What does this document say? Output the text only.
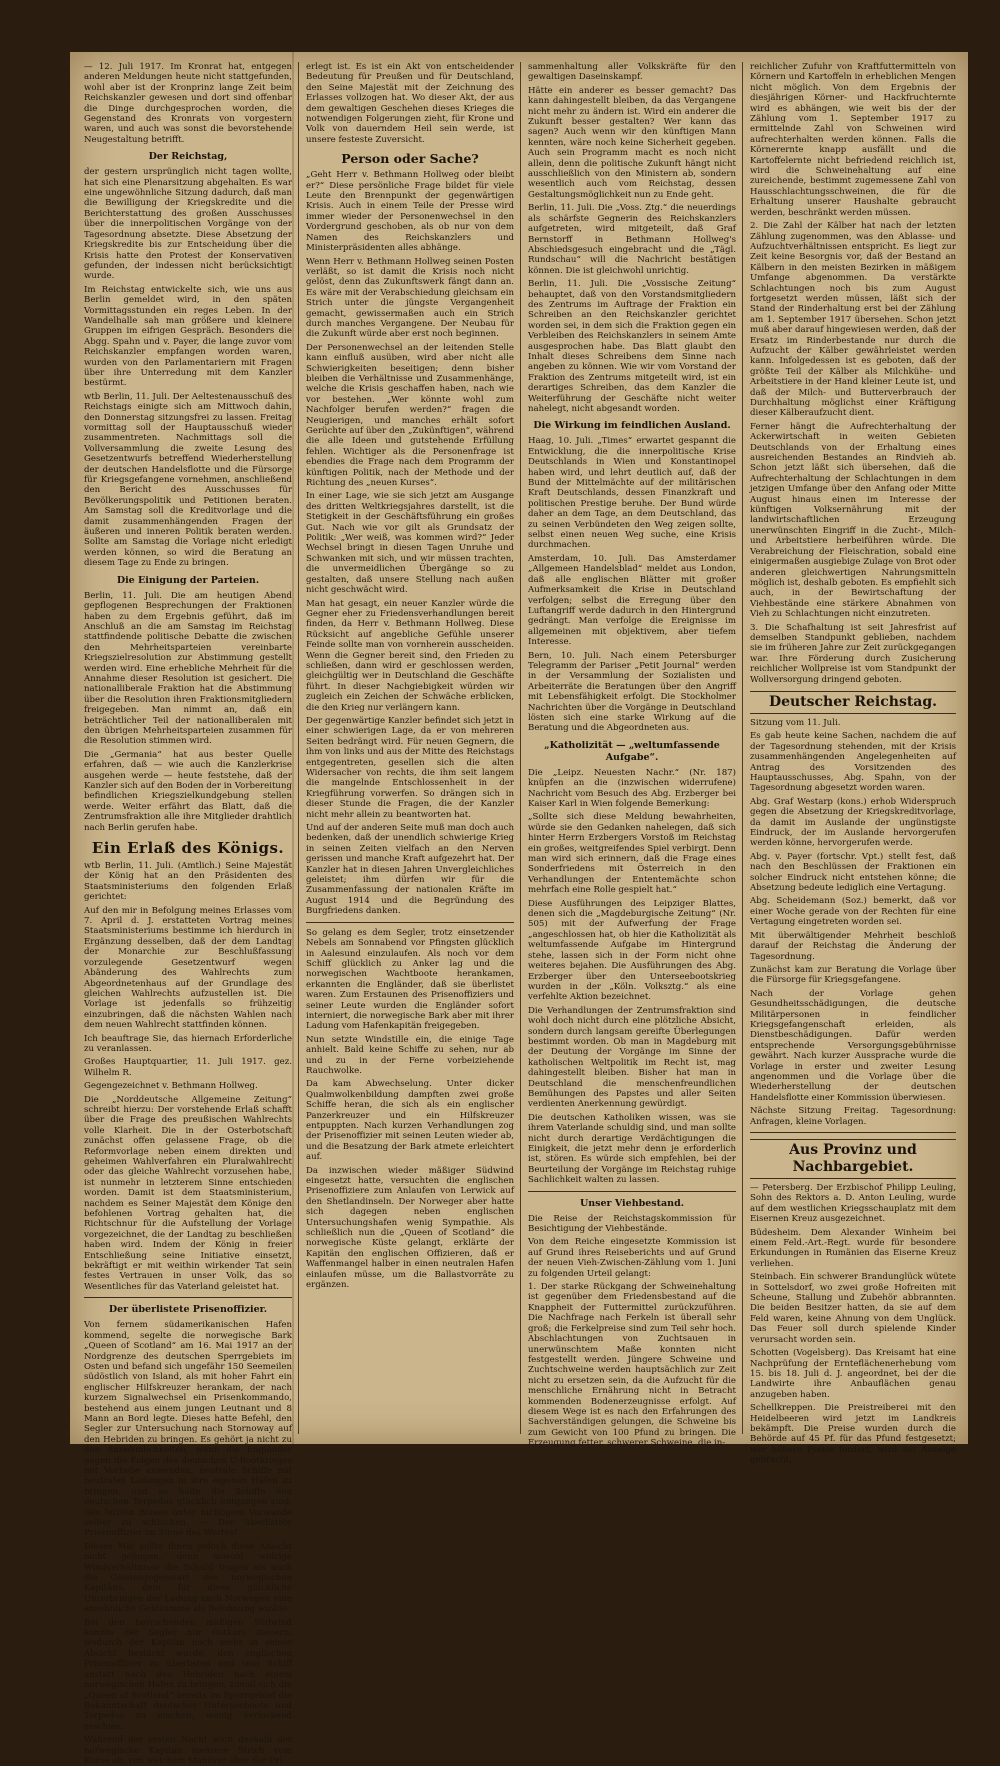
— 12. Juli 1917. Im Kronrat hat, entgegen anderen Meldungen heute nicht stattgefunden, wohl aber ist der Kronprinz lange Zeit beim Reichskanzler gewesen und dort sind offenbar die Dinge durchgesprochen worden, die Gegenstand des Kronrats von vorgestern waren, und auch was sonst die bevorstehende Neugestaltung betrifft.

Der Reichstag,

der gestern ursprünglich nicht tagen wollte, hat sich eine Plenarsitzung abgehalten. Es war eine ungewöhnliche Sitzung dadurch, daß man die Bewilligung der Kriegskredite und die Berichterstattung des großen Ausschusses über die innerpolitischen Vorgänge von der Tagesordnung absetzte. Diese Absetzung der Kriegskredite bis zur Entscheidung über die Krisis hatte den Protest der Konservativen gefunden, der indessen nicht berücksichtigt wurde.

Im Reichstag entwickelte sich, wie uns aus Berlin gemeldet wird, in den späten Vormittagsstunden ein reges Leben. In der Wandelhalle sah man größere und kleinere Gruppen im eifrigen Gespräch. Besonders die Abgg. Spahn und v. Payer, die lange zuvor vom Reichskanzler empfangen worden waren, wurden von den Parlamentariern mit Fragen über ihre Unterredung mit dem Kanzler bestürmt.

wtb Berlin, 11. Juli. Der Aeltestenausschuß des Reichstags einigte sich am Mittwoch dahin, den Donnerstag sitzungsfrei zu lassen. Freitag vormittag soll der Hauptausschuß wieder zusammentreten. Nachmittags soll die Vollversammlung die zweite Lesung des Gesetzentwurfs betreffend Wiederherstellung der deutschen Handelsflotte und die Fürsorge für Kriegsgefangene vornehmen, anschließend den Bericht des Ausschusses für Bevölkerungspolitik und Petitionen beraten. Am Samstag soll die Kreditvorlage und die damit zusammenhängenden Fragen der äußeren und inneren Politik beraten werden. Sollte am Samstag die Vorlage nicht erledigt werden können, so wird die Beratung an diesem Tage zu Ende zu bringen.

Die Einigung der Parteien.

Berlin, 11. Juli. Die am heutigen Abend gepflogenen Besprechungen der Fraktionen haben zu dem Ergebnis geführt, daß im Anschluß an die am Samstag im Reichstag stattfindende politische Debatte die zwischen den Mehrheitsparteien vereinbarte Kriegszielresolution zur Abstimmung gestellt werden wird. Eine erhebliche Mehrheit für die Annahme dieser Resolution ist gesichert. Die nationalliberale Fraktion hat die Abstimmung über die Resolution ihren Fraktionsmitgliedern freigegeben. Man nimmt an, daß ein beträchtlicher Teil der nationalliberalen mit den übrigen Mehrheitsparteien zusammen für die Resolution stimmen wird.

Die „Germania“ hat aus bester Quelle erfahren, daß — wie auch die Kanzlerkrise ausgehen werde — heute feststehe, daß der Kanzler sich auf den Boden der in Vorbereitung befindlichen Kriegszielkundgebung stellen werde. Weiter erfährt das Blatt, daß die Zentrumsfraktion alle ihre Mitglieder drahtlich nach Berlin gerufen habe.

Ein Erlaß des Königs.

wtb Berlin, 11. Juli. (Amtlich.) Seine Majestät der König hat an den Präsidenten des Staatsministeriums den folgenden Erlaß gerichtet:

Auf den mir in Befolgung meines Erlasses vom 7. April d. J. erstatteten Vortrag meines Staatsministeriums bestimme ich hierdurch in Ergänzung desselben, daß der dem Landtag der Monarchie zur Beschlußfassung vorzulegende Gesetzentwurf wegen Abänderung des Wahlrechts zum Abgeordnetenhaus auf der Grundlage des gleichen Wahlrechts aufzustellen ist. Die Vorlage ist jedenfalls so frühzeitig einzubringen, daß die nächsten Wahlen nach dem neuen Wahlrecht stattfinden können.

Ich beauftrage Sie, das hiernach Erforderliche zu veranlassen.

Großes Hauptquartier, 11. Juli 1917. gez. Wilhelm R.

Gegengezeichnet v. Bethmann Hollweg.

Die „Norddeutsche Allgemeine Zeitung“ schreibt hierzu: Der vorstehende Erlaß schafft über die Frage des preußischen Wahlrechts volle Klarheit. Die in der Osterbotschaft zunächst offen gelassene Frage, ob die Reformvorlage neben einem direkten und geheimen Wahlverfahren ein Pluralwahlrecht oder das gleiche Wahlrecht vorzusehen habe, ist nunmehr in letzterem Sinne entschieden worden. Damit ist dem Staatsministerium, nachdem es Seiner Majestät dem Könige den befohlenen Vortrag gehalten hat, die Richtschnur für die Aufstellung der Vorlage vorgezeichnet, die der Landtag zu beschließen haben wird. Indem der König in freier Entschließung seine Initiative einsetzt, bekräftigt er mit weithin wirkender Tat sein festes Vertrauen in unser Volk, das so Wesentliches für das Vaterland geleistet hat.

Der überlistete Prisenoffizier.

Von fernem südamerikanischen Hafen kommend, segelte die norwegische Bark „Queen of Scotland“ am 16. Mai 1917 an der Nordgrenze des deutschen Sperrgebiets im Osten und befand sich ungefähr 150 Seemeilen südöstlich von Island, als mit hoher Fahrt ein englischer Hilfskreuzer herankam, der nach kurzem Signalwechsel ein Prisenkommando, bestehend aus einem jungen Leutnant und 8 Mann an Bord legte. Dieses hatte Befehl, den Segler zur Untersuchung nach Stornoway auf den Hebriden zu bringen. Es gehört ja nicht zu den Annehmlichkeiten, wenn die Engländer gegen die Folgen des deutschen U-Bootkrieges mit Vorliebe anwenden, neutrale Schiffe mit neutralen Ladungen in ihre eigenen Häfen zu bringen, und so halte die Schiffe den deutschen Torpedos glücklich entgangen sind, den letzten Bissen unter nichtigem Vorwande selber zu schlucken. — Der überlistete Prisenoffizier im Sinne des Wortes!

Dieses Mal sollte ihnen jedoch diese Absicht nicht gelingen, denn sowohl widrige Windverhältnisse die Schuld trugen als auch die Geistesgegenwart des norwegischen Kapitäns, dem für diese glückliche Unterbringen der Ladung nach Norwegen eine ansehnliche Geldsumme als Belohnung winkte.

Bei den herrschenden mäßigen Südwind konnte der Segler nur Ostkurs steuern, wodurch der Kapitän noch mehr in seiner Absicht bestärkt wurde, den englischen Prisenoffizier zu überlisten und sein Schiff anstatt nach den Hebriden nach einem norwegischen Hafen zu bringen, zumal sich die „Queen of Scotland“ bereits im Sperrgebiet die Bekanntschaft deutscher Unterseeboote und Torpedos zu machen, wenig verlockend erschien.

Während der ersten Nacht wich deshalb der norwegische Kapitän mehrere Strich vom Kurse ab, von welchem Manöver aber der Pri-

erlegt ist. Es ist ein Akt von entscheidender Bedeutung für Preußen und für Deutschland, den Seine Majestät mit der Zeichnung des Erlasses vollzogen hat. Wo dieser Akt, der aus dem gewaltigen Geschehen dieses Krieges die notwendigen Folgerungen zieht, für Krone und Volk von dauerndem Heil sein werde, ist unsere festeste Zuversicht.

Person oder Sache?

„Geht Herr v. Bethmann Hollweg oder bleibt er?“ Diese persönliche Frage bildet für viele Leute den Brennpunkt der gegenwärtigen Krisis. Auch in einem Teile der Presse wird immer wieder der Personenwechsel in den Vordergrund geschoben, als ob nur von dem Namen des Reichskanzlers und Ministerpräsidenten alles abhänge.

Wenn Herr v. Bethmann Hollweg seinen Posten verläßt, so ist damit die Krisis noch nicht gelöst, denn das Zukunftswerk fängt dann an. Es wäre mit der Verabschiedung gleichsam ein Strich unter die jüngste Vergangenheit gemacht, gewissermaßen auch ein Strich durch manches Vergangene. Der Neubau für die Zukunft würde aber erst noch beginnen.

Der Personenwechsel an der leitenden Stelle kann einfluß ausüben, wird aber nicht alle Schwierigkeiten beseitigen; denn bisher bleiben die Verhältnisse und Zusammenhänge, welche die Krisis geschaffen haben, nach wie vor bestehen. „Wer könnte wohl zum Nachfolger berufen werden?“ fragen die Neugierigen, und manches erhält sofort Gerüchte auf über den „Zukünftigen“, während die alle Ideen und gutstehende Erfüllung fehlen. Wichtiger als die Personenfrage ist ebendies die Frage nach dem Programm der künftigen Politik, nach der Methode und der Richtung des „neuen Kurses“.

In einer Lage, wie sie sich jetzt am Ausgange des dritten Weltkriegsjahres darstellt, ist die Stetigkeit in der Geschäftsführung ein großes Gut. Nach wie vor gilt als Grundsatz der Politik: „Wer weiß, was kommen wird?“ Jeder Wechsel bringt in diesen Tagen Unruhe und Schwanken mit sich, und wir müssen trachten, die unvermeidlichen Übergänge so zu gestalten, daß unsere Stellung nach außen nicht geschwächt wird.

Man hat gesagt, ein neuer Kanzler würde die Gegner eher zu Friedensverhandlungen bereit finden, da Herr v. Bethmann Hollweg. Diese Rücksicht auf angebliche Gefühle unserer Feinde sollte man von vornherein ausscheiden. Wenn die Gegner bereit sind, den Frieden zu schließen, dann wird er geschlossen werden, gleichgültig wer in Deutschland die Geschäfte führt. In dieser Nachgiebigkeit würden wir zugleich ein Zeichen der Schwäche erblicken, die den Krieg nur verlängern kann.

Der gegenwärtige Kanzler befindet sich jetzt in einer schwierigen Lage, da er von mehreren Seiten bedrängt wird. Für neuen Gegnern, die ihm von links und aus der Mitte des Reichstags entgegentreten, gesellen sich die alten Widersacher von rechts, die ihm seit langem die mangelnde Entschlossenheit in der Kriegführung vorwerfen. So drängen sich in dieser Stunde die Fragen, die der Kanzler nicht mehr allein zu beantworten hat.

Und auf der anderen Seite muß man doch auch bedenken, daß der unendlich schwierige Krieg in seinen Zeiten vielfach an den Nerven gerissen und manche Kraft aufgezehrt hat. Der Kanzler hat in diesen Jahren Unvergleichliches geleistet; ihm dürfen wir für die Zusammenfassung der nationalen Kräfte im August 1914 und die Begründung des Burgfriedens danken.

So gelang es dem Segler, trotz einsetzender Nebels am Sonnabend vor Pfingsten glücklich in Aalesund einzulaufen. Als noch vor dem Schiff glücklich zu Anker lag und die norwegischen Wachtboote herankamen, erkannten die Engländer, daß sie überlistet waren. Zum Erstaunen des Prisenoffiziers und seiner Leute wurden die Engländer sofort interniert, die norwegische Bark aber mit ihrer Ladung vom Hafenkapitän freigegeben.

Nun setzte Windstille ein, die einige Tage anhielt. Bald keine Schiffe zu sehen, nur ab und zu in der Ferne vorbeiziehende Rauchwolke.

Da kam Abwechselung. Unter dicker Qualmwolkenbildung dampften zwei große Schiffe heran, die sich als ein englischer Panzerkreuzer und ein Hilfskreuzer entpuppten. Nach kurzen Verhandlungen zog der Prisenoffizier mit seinen Leuten wieder ab, und die Besatzung der Bark atmete erleichtert auf.

Da inzwischen wieder mäßiger Südwind eingesetzt hatte, versuchten die englischen Prisenoffiziere zum Anlaufen von Lerwick auf den Shetlandinseln. Der Norweger aber hatte sich dagegen neben englischen Untersuchungshafen wenig Sympathie. Als schließlich nun die „Queen of Scotland“ die norwegische Küste gelangt, erklärte der Kapitän den englischen Offizieren, daß er Waffenmangel halber in einen neutralen Hafen einlaufen müsse, um die Ballastvorräte zu ergänzen.

sammenhaltung aller Volkskräfte für den gewaltigen Daseinskampf.

Hätte ein anderer es besser gemacht? Das kann dahingestellt bleiben, da das Vergangene nicht mehr zu ändern ist. Wird ein anderer die Zukunft besser gestalten? Wer kann das sagen? Auch wenn wir den künftigen Mann kennten, wäre noch keine Sicherheit gegeben. Auch sein Programm macht es noch nicht allein, denn die politische Zukunft hängt nicht ausschließlich von den Ministern ab, sondern wesentlich auch vom Reichstag, dessen Gestaltungsmöglichkeit nun zu Ende geht.

Berlin, 11. Juli. Die „Voss. Ztg.“ die neuerdings als schärfste Gegnerin des Reichskanzlers aufgetreten, wird mitgeteilt, daß Graf Bernstorff in Bethmann Hollweg's Abschiedsgesuch eingebracht und die „Tägl. Rundschau“ will die Nachricht bestätigen können. Die ist gleichwohl unrichtig.

Berlin, 11. Juli. Die „Vossische Zeitung“ behauptet, daß von den Vorstandsmitgliedern des Zentrums im Auftrage der Fraktion ein Schreiben an den Reichskanzler gerichtet worden sei, in dem sich die Fraktion gegen ein Verbleiben des Reichskanzlers in seinem Amte ausgesprochen habe. Das Blatt glaubt den Inhalt dieses Schreibens dem Sinne nach angeben zu können. Wie wir vom Vorstand der Fraktion des Zentrums mitgeteilt wird, ist ein derartiges Schreiben, das dem Kanzler die Weiterführung der Geschäfte nicht weiter nahelegt, nicht abgesandt worden.

Die Wirkung im feindlichen Ausland.

Haag, 10. Juli. „Times“ erwartet gespannt die Entwicklung, die die innerpolitische Krise Deutschlands in Wien und Konstantinopel haben wird, und lehrt deutlich auf, daß der Bund der Mittelmächte auf der militärischen Kraft Deutschlands, dessen Finanzkraft und politischen Prestige beruhe. Der Bund würde daher an dem Tage, an dem Deutschland, das zu seinen Verbündeten den Weg zeigen sollte, selbst einen neuen Weg suche, eine Krisis durchmachen.

Amsterdam, 10. Juli. Das Amsterdamer „Allgemeen Handelsblad“ meldet aus London, daß alle englischen Blätter mit großer Aufmerksamkeit die Krise in Deutschland verfolgen; selbst die Erregung über den Luftangriff werde dadurch in den Hintergrund gedrängt. Man verfolge die Ereignisse im allgemeinen mit objektivem, aber tiefem Interesse.

Bern, 10. Juli. Nach einem Petersburger Telegramm der Pariser „Petit Journal“ werden in der Versammlung der Sozialisten und Arbeiterräte die Beratungen über den Angriff mit Lebensfähigkeit erfolgt. Die Stockholmer Nachrichten über die Vorgänge in Deutschland lösten sich eine starke Wirkung auf die Beratung und die Abgeordneten aus.

„Katholizität — „weltumfassende Aufgabe“.

Die „Leipz. Neuesten Nachr.“ (Nr. 187) knüpfen an die (inzwischen widerrufene) Nachricht vom Besuch des Abg. Erzberger bei Kaiser Karl in Wien folgende Bemerkung:

„Sollte sich diese Meldung bewahrheiten, würde sie den Gedanken nahelegen, daß sich hinter Herrn Erzbergers Vorstoß im Reichstag ein großes, weitgreifendes Spiel verbirgt. Denn man wird sich erinnern, daß die Frage eines Sonderfriedens mit Österreich in den Verhandlungen der Ententemächte schon mehrfach eine Rolle gespielt hat.“

Diese Ausführungen des Leipziger Blattes, denen sich die „Magdeburgische Zeitung“ (Nr. 505) mit der Aufwerfung der Frage „angeschlossen hat, ob hier die Katholizität als weltumfassende Aufgabe im Hintergrund stehe, lassen sich in der Form nicht ohne weiteres bejahen. Die Ausführungen des Abg. Erzberger über den Unterseebootskrieg wurden in der „Köln. Volksztg.“ als eine verfehlte Aktion bezeichnet.

Die Verhandlungen der Zentrumsfraktion sind wohl doch nicht durch eine plötzliche Absicht, sondern durch langsam gereifte Überlegungen bestimmt worden. Ob man in Magdeburg mit der Deutung der Vorgänge im Sinne der katholischen Weltpolitik im Recht ist, mag dahingestellt bleiben. Bisher hat man in Deutschland die menschenfreundlichen Bemühungen des Papstes und aller Seiten verdienten Anerkennung gewürdigt.

Die deutschen Katholiken wissen, was sie ihrem Vaterlande schuldig sind, und man sollte nicht durch derartige Verdächtigungen die Einigkeit, die jetzt mehr denn je erforderlich ist, stören. Es würde sich empfehlen, bei der Beurteilung der Vorgänge im Reichstag ruhige Sachlichkeit walten zu lassen.

Unser Viehbestand.

Die Reise der Reichstagskommission für Besichtigung der Viehbestände.

Von dem Reiche eingesetzte Kommission ist auf Grund ihres Reiseberichts und auf Grund der neuen Vieh-Zwischen-Zählung vom 1. Juni zu folgenden Urteil gelangt:

1. Der starke Rückgang der Schweinehaltung ist gegenüber dem Friedensbestand auf die Knappheit der Futtermittel zurückzuführen. Die Nachfrage nach Ferkeln ist überall sehr groß; die Ferkelpreise sind zum Teil sehr hoch. Abschlachtungen von Zuchtsauen in unerwünschtem Maße konnten nicht festgestellt werden. Jüngere Schweine und Zuchtschweine werden hauptsächlich zur Zeit nicht zu ersetzen sein, da die Aufzucht für die menschliche Ernährung nicht in Betracht kommenden Bodenerzeugnisse erfolgt. Auf diesem Wege ist es nach den Erfahrungen des Sachverständigen gelungen, die Schweine bis zum Gewicht von 100 Pfund zu bringen. Die Erzeugung fetter, schwerer Schweine, die in-

reichlicher Zufuhr von Kraftfuttermitteln von Körnern und Kartoffeln in erheblichen Mengen nicht möglich. Von dem Ergebnis der diesjährigen Körner- und Hackfruchternte wird es abhängen, wie weit bis der der Zählung vom 1. September 1917 zu ermittelnde Zahl von Schweinen wird aufrechterhalten werden können. Falls die Körnerernte knapp ausfällt und die Kartoffelernte nicht befriedend reichlich ist, wird die Schweinehaltung auf eine zureichende, bestimmt zugemessene Zahl von Hausschlachtungsschweinen, die für die Erhaltung unserer Haushalte gebraucht werden, beschränkt werden müssen.

2. Die Zahl der Kälber hat nach der letzten Zählung zugenommen, was den Ablasse- und Aufzuchtverhältnissen entspricht. Es liegt zur Zeit keine Besorgnis vor, daß der Bestand an Kälbern in den meisten Bezirken in mäßigem Umfange abgenommen. Da verstärkte Schlachtungen noch bis zum August fortgesetzt werden müssen, läßt sich der Stand der Rinderhaltung erst bei der Zählung am 1. September 1917 übersehen. Schon jetzt muß aber darauf hingewiesen werden, daß der Ersatz im Rinderbestande nur durch die Aufzucht der Kälber gewährleistet werden kann. Infolgedessen ist es geboten, daß der größte Teil der Kälber als Milchkühe- und Arbeitstiere in der Hand kleiner Leute ist, und daß der Milch- und Butterverbrauch der Durchhaltung möglichst einer Kräftigung dieser Kälberaufzucht dient.

Ferner hängt die Aufrechterhaltung der Ackerwirtschaft in weiten Gebieten Deutschlands von der Erhaltung eines ausreichenden Bestandes an Rindvieh ab. Schon jetzt läßt sich übersehen, daß die Aufrechterhaltung der Schlachtungen in dem jetzigen Umfange über den Anfang oder Mitte August hinaus einen im Interesse der künftigen Volksernährung mit der landwirtschaftlichen Erzeugung unerwünschten Eingriff in die Zucht-, Milch- und Arbeitstiere herbeiführen würde. Die Verabreichung der Fleischration, sobald eine einigermaßen ausgiebige Zulage von Brot oder anderen gleichwertigen Nahrungsmitteln möglich ist, deshalb geboten. Es empfiehlt sich auch, in der Bewirtschaftung der Viehbestände eine stärkere Abnahmen von Vieh zu Schlachtungen nicht einzutreten.

3. Die Schafhaltung ist seit Jahresfrist auf demselben Standpunkt geblieben, nachdem sie im früheren Jahre zur Zeit zurückgegangen war. Ihre Förderung durch Zusicherung reichlicher Wollpreise ist vom Standpunkt der Wollversorgung dringend geboten.

Deutscher Reichstag.

Sitzung vom 11. Juli.

Es gab heute keine Sachen, nachdem die auf der Tagesordnung stehenden, mit der Krisis zusammenhängenden Angelegenheiten auf Antrag des Vorsitzenden des Hauptausschusses, Abg. Spahn, von der Tagesordnung abgesetzt worden waren.

Abg. Graf Westarp (kons.) erhob Widerspruch gegen die Absetzung der Kriegskreditvorlage, da damit im Auslande der ungünstigste Eindruck, der im Auslande hervorgerufen werden könne, hervorgerufen werde.

Abg. v. Payer (fortschr. Vpt.) stellt fest, daß nach den Beschlüssen der Fraktionen ein solcher Eindruck nicht entstehen könne; die Absetzung bedeute lediglich eine Vertagung.

Abg. Scheidemann (Soz.) bemerkt, daß vor einer Woche gerade von der Rechten für eine Vertagung eingetreten worden sei.

Mit überwältigender Mehrheit beschloß darauf der Reichstag die Änderung der Tagesordnung.

Zunächst kam zur Beratung die Vorlage über die Fürsorge für Kriegsgefangene.

Nach der Vorlage gehen Gesundheitsschädigungen, die deutsche Militärpersonen in feindlicher Kriegsgefangenschaft erleiden, als Dienstbeschädigungen. Dafür werden entsprechende Versorgungsgebührnisse gewährt. Nach kurzer Aussprache wurde die Vorlage in erster und zweiter Lesung angenommen und die Vorlage über die Wiederherstellung der deutschen Handelsflotte einer Kommission überwiesen.

Nächste Sitzung Freitag. Tagesordnung: Anfragen, kleine Vorlagen.

Aus Provinz und Nachbargebiet.

— Petersberg. Der Erzbischof Philipp Leuling, Sohn des Rektors a. D. Anton Leuling, wurde auf dem westlichen Kriegsschauplatz mit dem Eisernen Kreuz ausgezeichnet.

Büdesheim. Dem Alexander Winheim bei einem Feld.-Art.-Regt. wurde für besondere Erkundungen in Rumänien das Eiserne Kreuz verliehen.

Steinbach. Ein schwerer Brandunglück wütete in Sottelsdorf, wo zwei große Hofreiten mit Scheune, Stallung und Zubehör abbrannten. Die beiden Besitzer hatten, da sie auf dem Feld waren, keine Ahnung von dem Unglück. Das Feuer soll durch spielende Kinder verursacht worden sein.

Schotten (Vogelsberg). Das Kreisamt hat eine Nachprüfung der Ernteflächenerhebung vom 15. bis 18. Juli d. J. angeordnet, bei der die Landwirte ihre Anbauflächen genau anzugeben haben.

Schellkreppen. Die Preistreiberei mit den Heidelbeeren wird jetzt im Landkreis bekämpft. Die Preise wurden durch die Behörde auf 45 Pf. für das Pfund festgesetzt; wer höhere Preise fordert, wird zur Anzeige gebracht.
